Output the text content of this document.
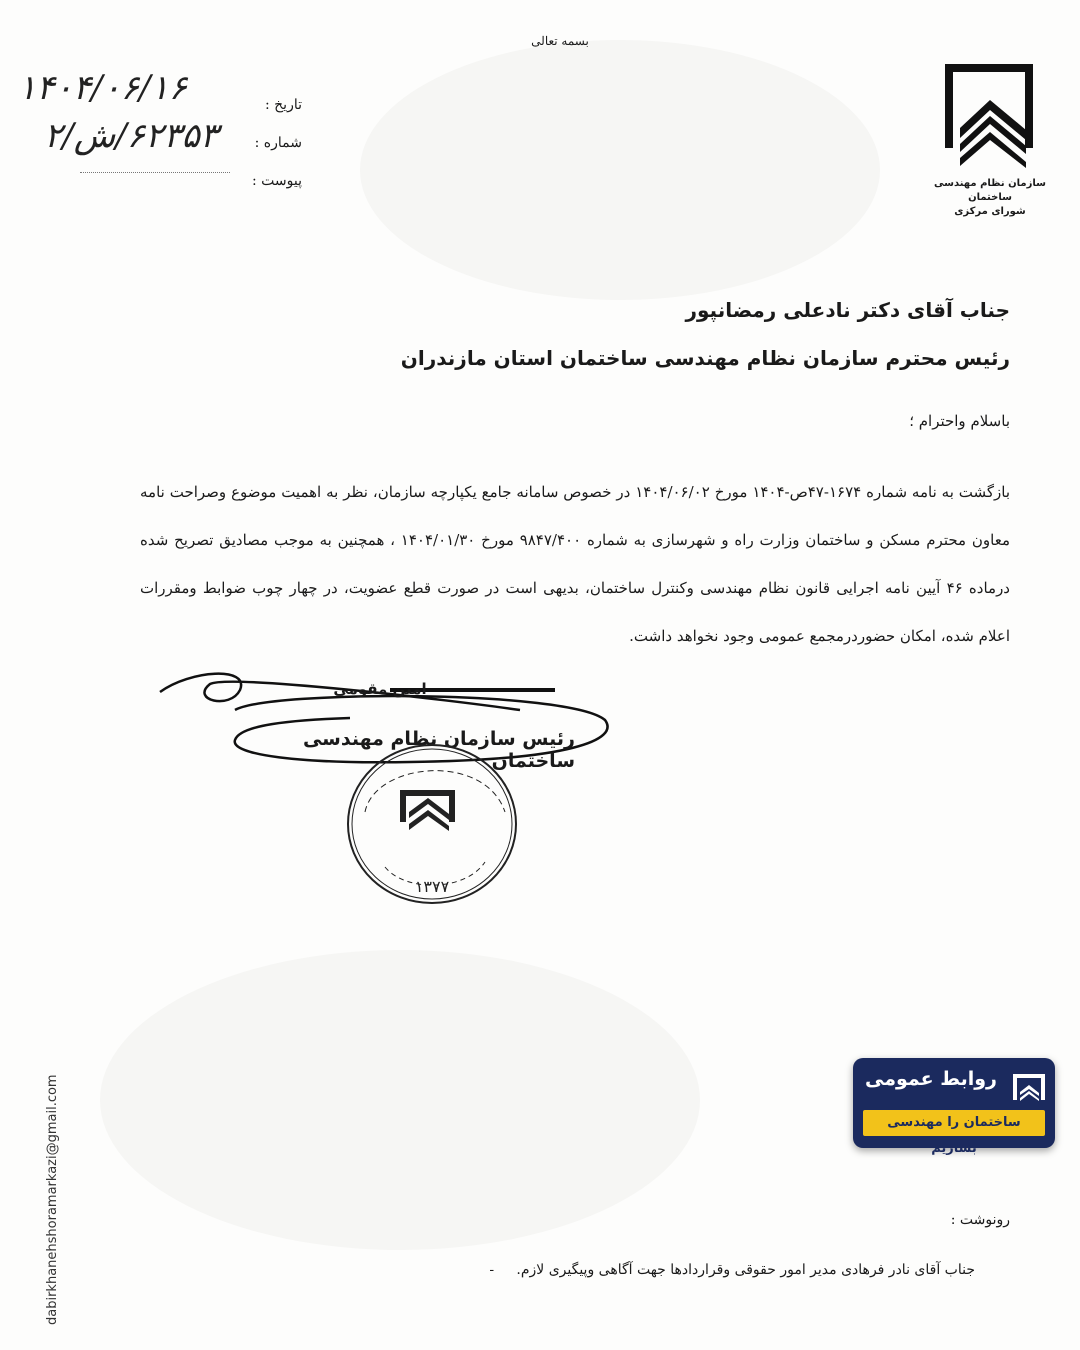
بسمه تعالی
سازمان نظام مهندسی ساختمان
شورای مرکزی
تاریخ :
شماره :
پیوست :
۱۴۰۴/۰۶/۱۶
۶۲۳۵۳/ش/۲
جناب آقای دکتر نادعلی رمضانپور
رئیس محترم سازمان نظام مهندسی ساختمان استان مازندران
باسلام واحترام ؛
بازگشت به نامه شماره ۱۶۷۴-۴۷ص-۱۴۰۴ مورخ ۱۴۰۴/۰۶/۰۲ در خصوص سامانه جامع یکپارچه سازمان، نظر به اهمیت موضوع وصراحت نامه معاون محترم مسکن و ساختمان وزارت راه و شهرسازی به شماره ۹۸۴۷/۴۰۰ مورخ ۱۴۰۴/۰۱/۳۰ ، همچنین به موجب مصادیق تصریح شده درماده ۴۶ آیین نامه اجرایی قانون نظام مهندسی وکنترل ساختمان، بدیهی است در صورت قطع عضویت، در چهار چوب ضوابط ومقررات اعلام شده، امکان حضوردرمجمع عمومی وجود نخواهد داشت.
امین مقومی
رئیس سازمان نظام مهندسی ساختمان
۱۳۷۷
dabirkhanehshoramarkazi@gmail.com	روابط عمومی
ساختمان را مهندسی بسازیم
رونوشت :
جناب آقای نادر فرهادی مدیر امور حقوقی وقراردادها جهت آگاهی وپیگیری لازم.     -
